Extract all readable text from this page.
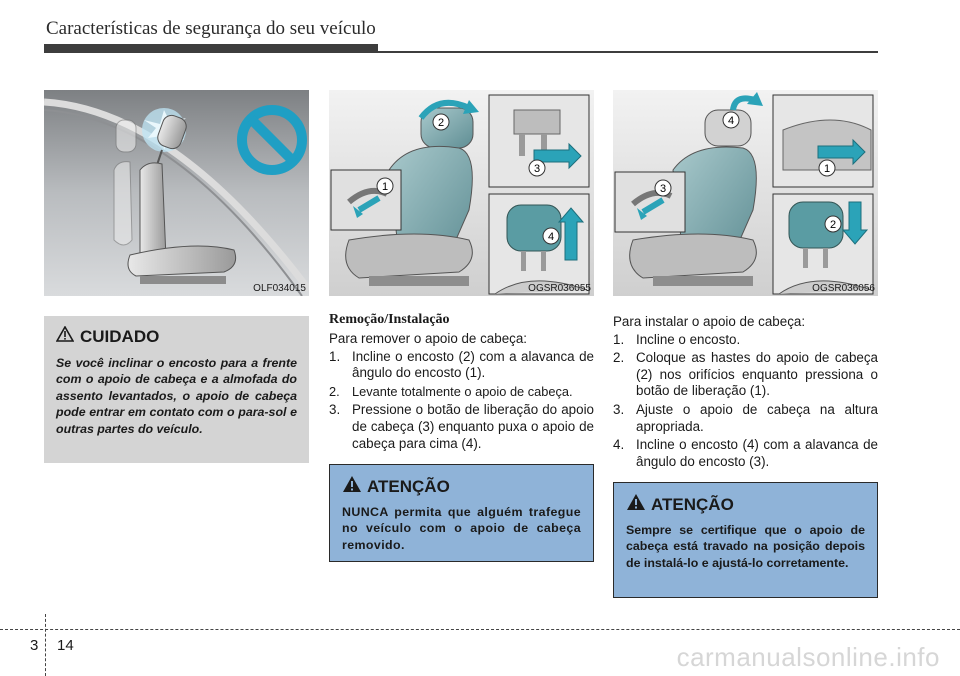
Características de segurança do seu veículo
OLF034015
1
2
3
4
OGSR036055
1
2
3
4
OGSR036056
CUIDADO
Se você inclinar o encosto para a frente com o apoio de cabeça e a almofada do assento levantados, o apoio de cabeça pode entrar em contato com o para-sol e outras partes do veículo.
Remoção/Instalação
Para remover o apoio de cabeça:
1. Incline o encosto (2) com a alavanca de ângulo do encosto (1).
2. Levante totalmente o apoio de cabeça.
3. Pressione o botão de liberação do apoio de cabeça (3) enquanto puxa o apoio de cabeça para cima (4).
ATENÇÃO
NUNCA permita que alguém trafegue no veículo com o apoio de cabeça removido.
Para instalar o apoio de cabeça:
1. Incline o encosto.
2. Coloque as hastes do apoio de cabeça (2) nos orifícios enquanto pressiona o botão de liberação (1).
3. Ajuste o apoio de cabeça na altura apropriada.
4. Incline o encosto (4) com a alavanca de ângulo do encosto (3).
ATENÇÃO
Sempre se certifique que o apoio de cabeça está travado na posição depois de instalá-lo e ajustá-lo corretamente.
3 14	carmanualsonline.info
